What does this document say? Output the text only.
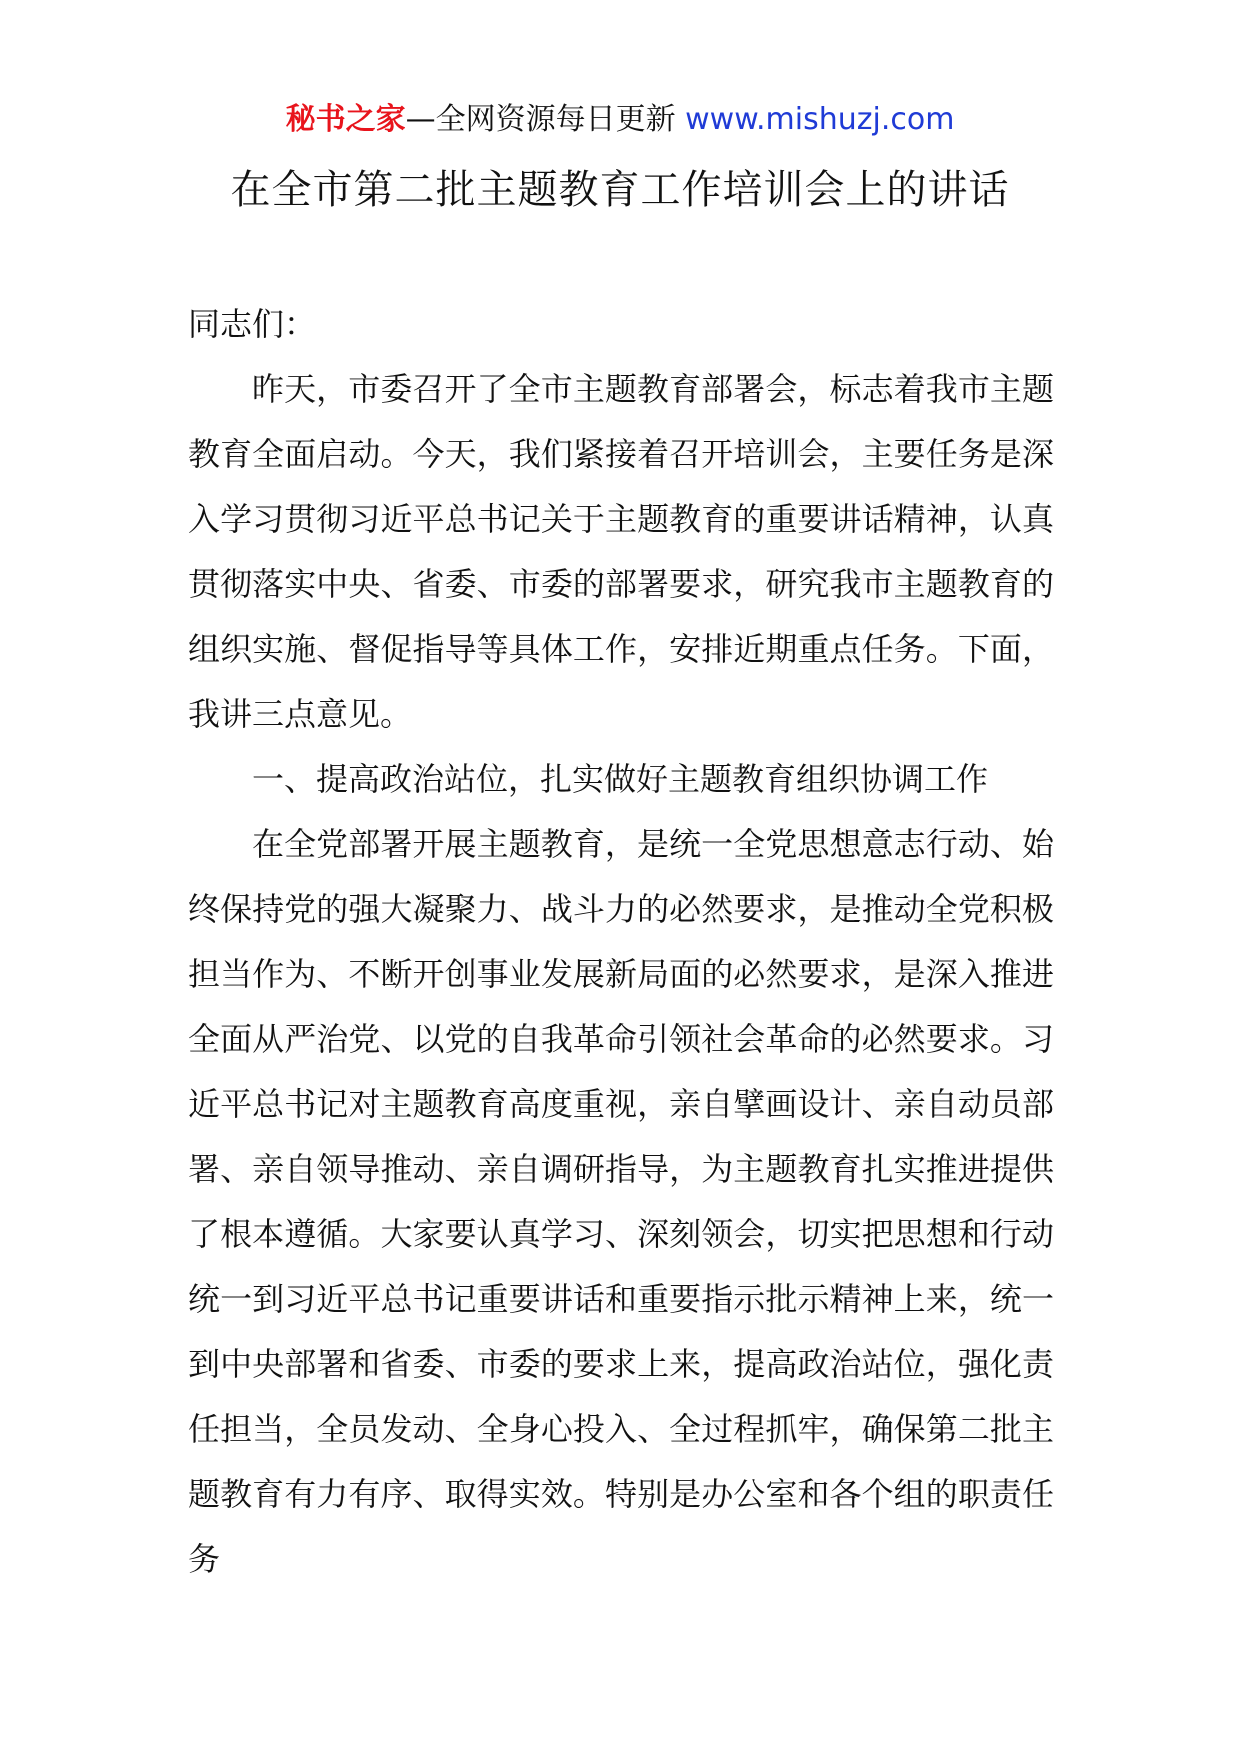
秘书之家—全网资源每日更新 www.mishuzj.com
在全市第二批主题教育工作培训会上的讲话

同志们：

昨天，市委召开了全市主题教育部署会，标志着我市主题教育全面启动。今天，我们紧接着召开培训会，主要任务是深入学习贯彻习近平总书记关于主题教育的重要讲话精神，认真贯彻落实中央、省委、市委的部署要求，研究我市主题教育的组织实施、督促指导等具体工作，安排近期重点任务。下面，我讲三点意见。

一、提高政治站位，扎实做好主题教育组织协调工作

在全党部署开展主题教育，是统一全党思想意志行动、始终保持党的强大凝聚力、战斗力的必然要求，是推动全党积极担当作为、不断开创事业发展新局面的必然要求，是深入推进全面从严治党、以党的自我革命引领社会革命的必然要求。习近平总书记对主题教育高度重视，亲自擘画设计、亲自动员部署、亲自领导推动、亲自调研指导，为主题教育扎实推进提供了根本遵循。大家要认真学习、深刻领会，切实把思想和行动统一到习近平总书记重要讲话和重要指示批示精神上来，统一到中央部署和省委、市委的要求上来，提高政治站位，强化责任担当，全员发动、全身心投入、全过程抓牢，确保第二批主题教育有力有序、取得实效。特别是办公室和各个组的职责任务
